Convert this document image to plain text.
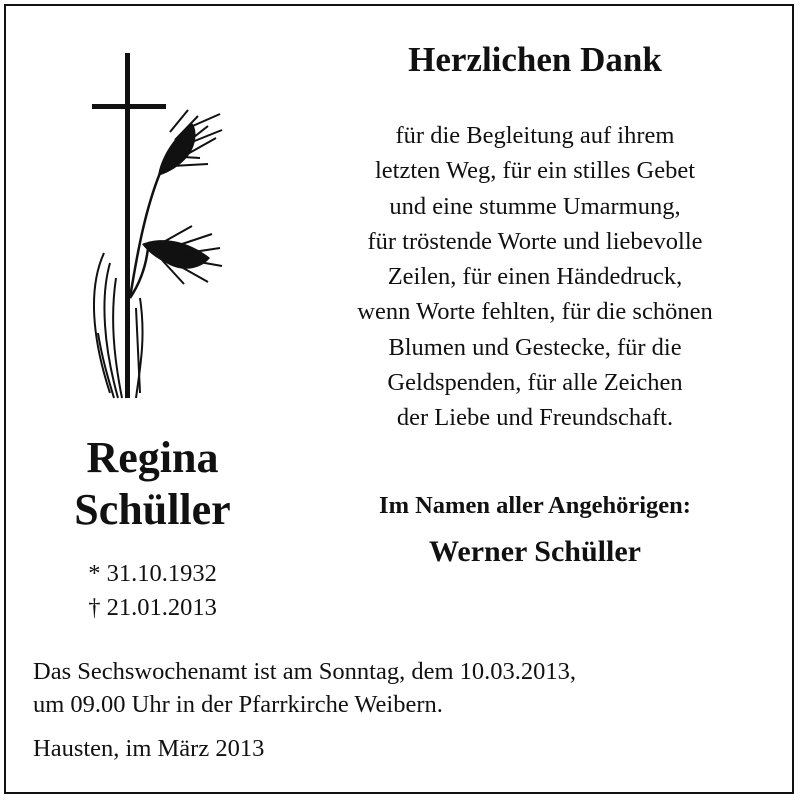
Herzlichen Dank
für die Begleitung auf ihrem
letzten Weg, für ein stilles Gebet
und eine stumme Umarmung,
für tröstende Worte und liebevolle
Zeilen, für einen Händedruck,
wenn Worte fehlten, für die schönen
Blumen und Gestecke, für die
Geldspenden, für alle Zeichen
der Liebe und Freundschaft.
Regina
Schüller
* 31.10.1932
† 21.01.2013
Im Namen aller Angehörigen:
Werner Schüller
Das Sechswochenamt ist am Sonntag, dem 10.03.2013,
um 09.00 Uhr in der Pfarrkirche Weibern.
Hausten, im März 2013
